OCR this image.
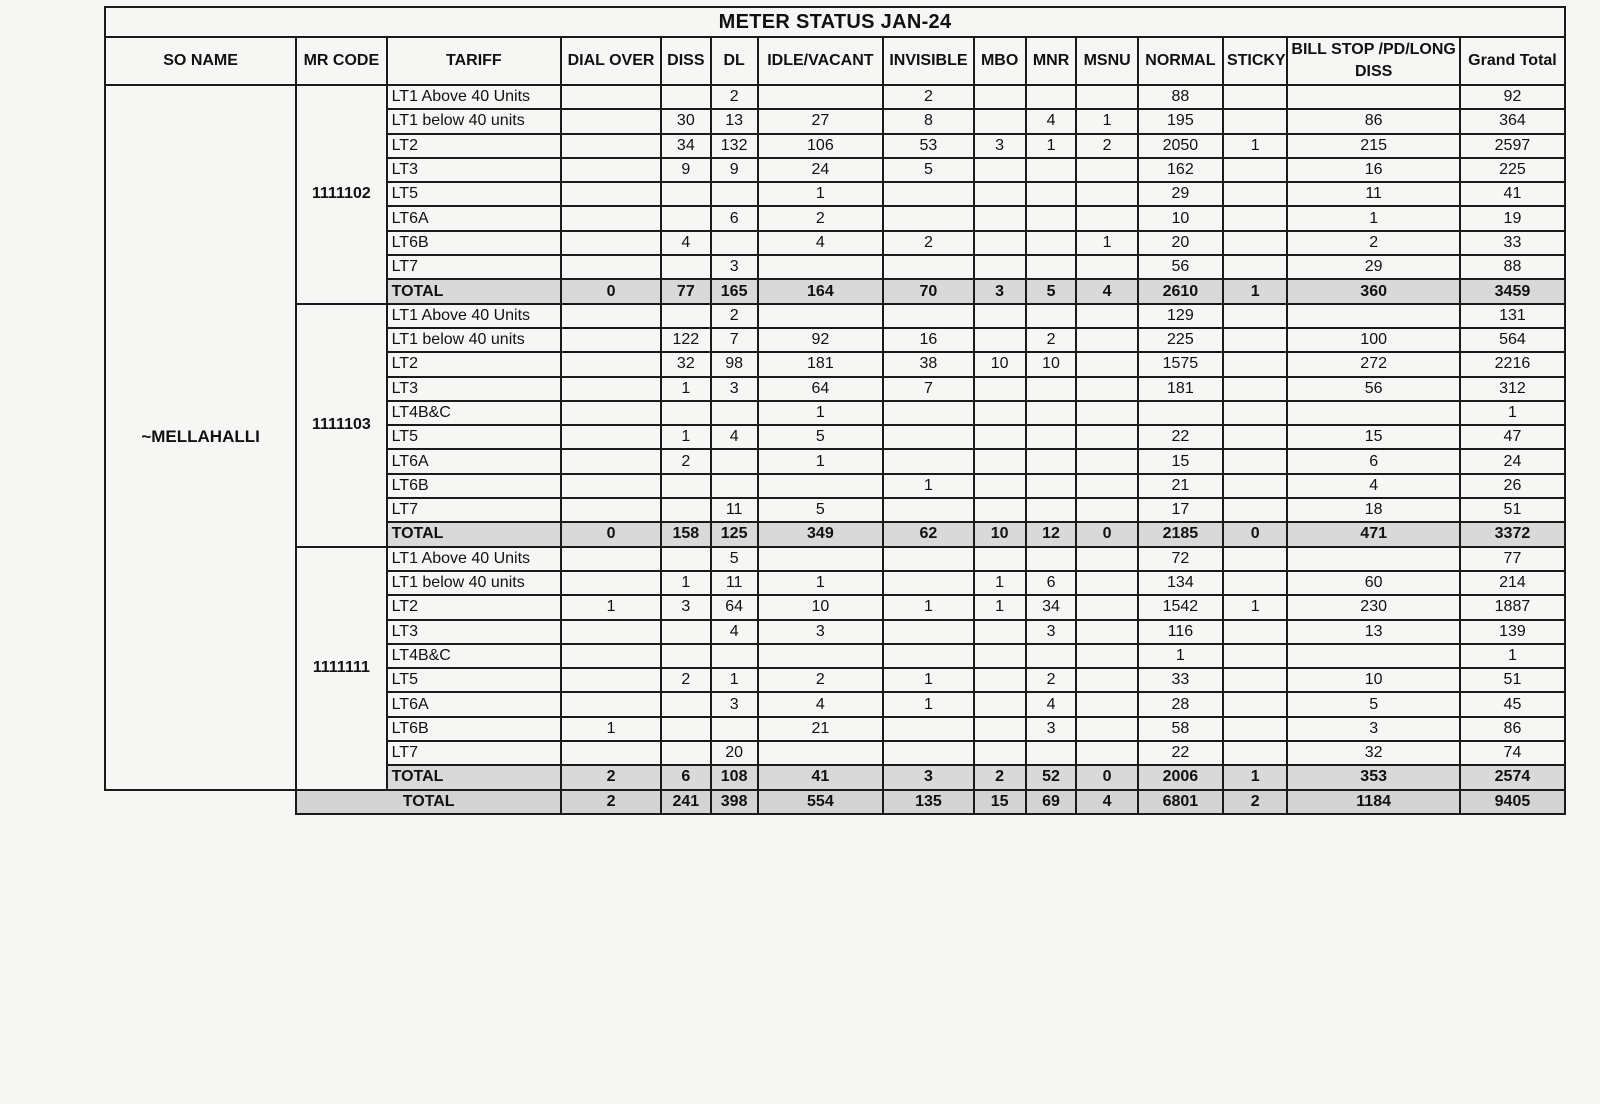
METER STATUS JAN-24														
SO NAME	MR CODE	TARIFF	DIAL OVER	DISS	DL	IDLE/VACANT	INVISIBLE	MBO	MNR	MSNU	NORMAL	STICKY	BILL STOP /PD/LONG DISS	Grand Total
~MELLAHALLI	1111102	LT1 Above 40 Units			2		2				88			92
		LT1 below 40 units		30	13	27	8		4	1	195		86	364
		LT2		34	132	106	53	3	1	2	2050	1	215	2597
		LT3		9	9	24	5				162		16	225
		LT5				1					29		11	41
		LT6A			6	2					10		1	19
		LT6B		4		4	2			1	20		2	33
		LT7			3						56		29	88
		TOTAL	0	77	165	164	70	3	5	4	2610	1	360	3459
	1111103	LT1 Above 40 Units			2						129			131
		LT1 below 40 units		122	7	92	16		2		225		100	564
		LT2		32	98	181	38	10	10		1575		272	2216
		LT3		1	3	64	7				181		56	312
		LT4B&C				1								1
		LT5		1	4	5					22		15	47
		LT6A		2		1					15		6	24
		LT6B					1				21		4	26
		LT7			11	5					17		18	51
		TOTAL	0	158	125	349	62	10	12	0	2185	0	471	3372
	1111111	LT1 Above 40 Units			5						72			77
		LT1 below 40 units		1	11	1		1	6		134		60	214
		LT2	1	3	64	10	1	1	34		1542	1	230	1887
		LT3			4	3			3		116		13	139
		LT4B&C									1			1
		LT5		2	1	2	1		2		33		10	51
		LT6A			3	4	1		4		28		5	45
		LT6B	1			21			3		58		3	86
		LT7			20						22		32	74
		TOTAL	2	6	108	41	3	2	52	0	2006	1	353	2574
	TOTAL		2	241	398	554	135	15	69	4	6801	2	1184	9405
